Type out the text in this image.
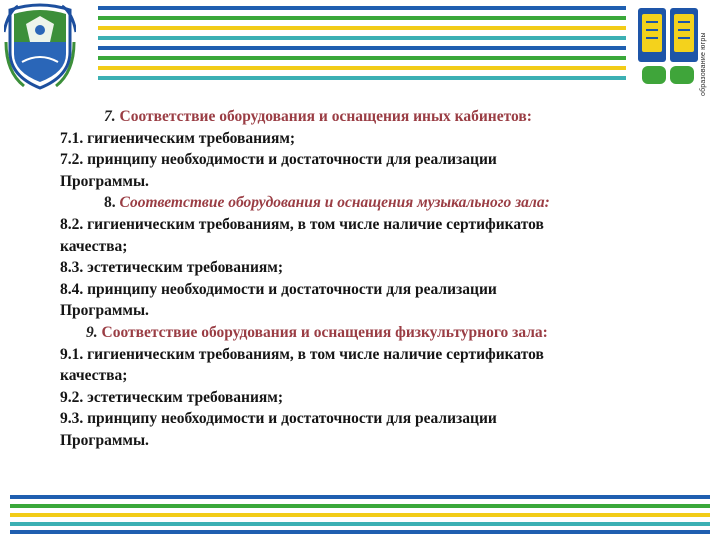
образование югры
7. Соответствие оборудования и оснащения иных кабинетов:
7.1. гигиеническим требованиям;
7.2. принципу необходимости и достаточности для реализации
Программы.
8. Соответствие оборудования и оснащения музыкального зала:
8.2. гигиеническим требованиям, в том числе наличие сертификатов
качества;
8.3. эстетическим требованиям;
8.4. принципу необходимости и достаточности для реализации
Программы.
9. Соответствие оборудования и оснащения физкультурного зала:
9.1. гигиеническим требованиям, в том числе наличие сертификатов
качества;
9.2. эстетическим требованиям;
9.3. принципу необходимости и достаточности для реализации
Программы.
